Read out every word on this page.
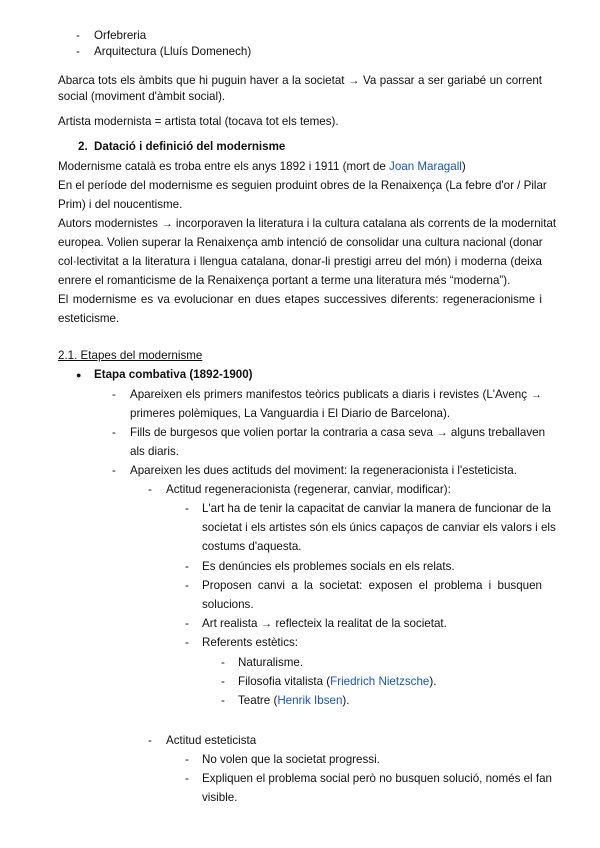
- Orfebreria
- Arquitectura (Lluís Domenech)
Abarca tots els àmbits que hi puguin haver a la societat → Va passar a ser gariabé un corrent
social (moviment d'àmbit social).
Artista modernista = artista total (tocava tot els temes).
2. Datació i definició del modernisme
Modernisme català es troba entre els anys 1892 i 1911 (mort de Joan Maragall)
En el període del modernisme es seguien produint obres de la Renaixença (La febre d'or / Pilar
Prim) i del noucentisme.
Autors modernistes → incorporaven la literatura i la cultura catalana als corrents de la modernitat
europea. Volien superar la Renaixença amb intenció de consolidar una cultura nacional (donar
col·lectivitat a la literatura i llengua catalana, donar-li prestigi arreu del món) i moderna (deixa
enrere el romanticisme de la Renaixença portant a terme una literatura més “moderna”).
El modernisme es va evolucionar en dues etapes successives diferents: regeneracionisme i
esteticisme.
2.1. Etapes del modernisme
● Etapa combativa (1892-1900)
- Apareixen els primers manifestos teòrics publicats a diaris i revistes (L'Avenç →
primeres polèmiques, La Vanguardia i El Diario de Barcelona).
- Fills de burgesos que volien portar la contraria a casa seva → alguns treballaven
als diaris.
- Apareixen les dues actituds del moviment: la regeneracionista i l'esteticista.
- Actitud regeneracionista (regenerar, canviar, modificar):
- L'art ha de tenir la capacitat de canviar la manera de funcionar de la
societat i els artistes són els únics capaços de canviar els valors i els
costums d'aquesta.
- Es denúncies els problemes socials en els relats.
- Proposen canvi a la societat: exposen el problema i busquen
solucions.
- Art realista → reflecteix la realitat de la societat.
- Referents estètics:
- Naturalisme.
- Filosofia vitalista (Friedrich Nietzsche).
- Teatre (Henrik Ibsen).
- Actitud esteticista
- No volen que la societat progressi.
- Expliquen el problema social però no busquen solució, només el fan
visible.
